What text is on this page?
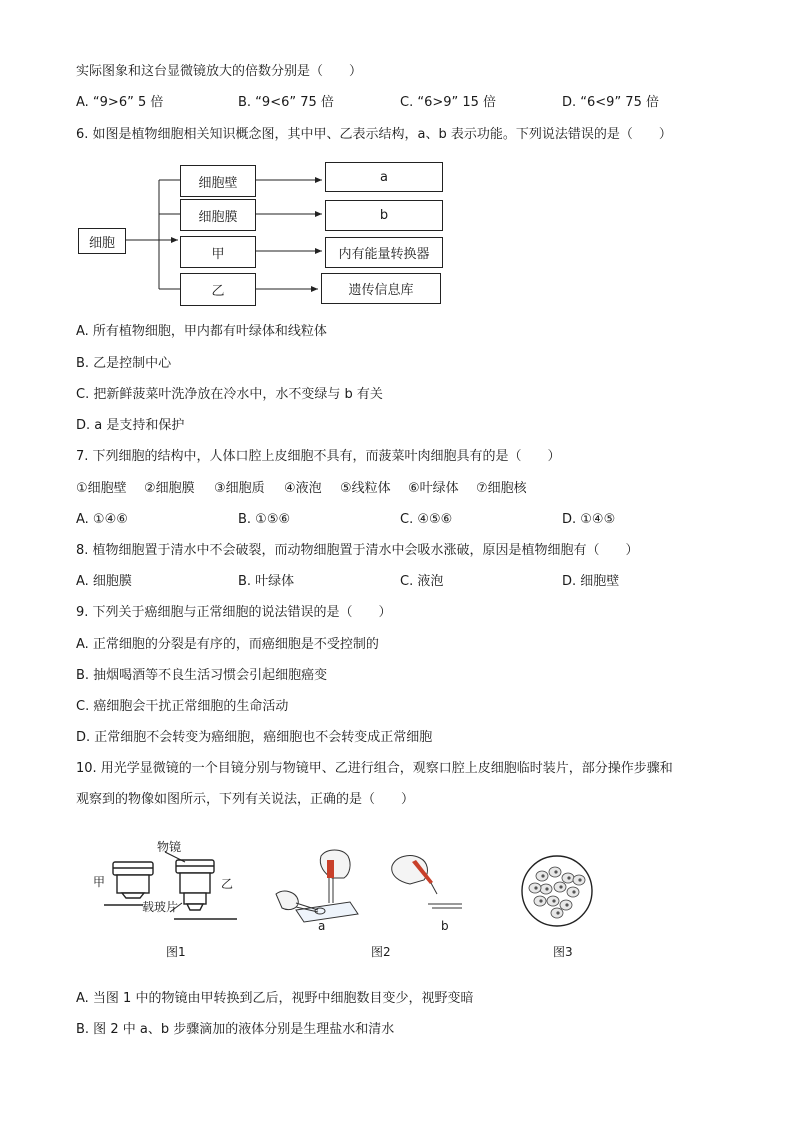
实际图象和这台显微镜放大的倍数分别是（　　）
A. “9>6” 5 倍	B. “9<6” 75 倍	C. “6>9” 15 倍	D. “6<9” 75 倍
6. 如图是植物细胞相关知识概念图，其中甲、乙表示结构，a、b 表示功能。下列说法错误的是（　　）
细胞
细胞壁
细胞膜
甲
乙
a
b
内有能量转换器
遗传信息库
A. 所有植物细胞，甲内都有叶绿体和线粒体
B. 乙是控制中心
C. 把新鲜菠菜叶洗净放在冷水中，水不变绿与 b 有关
D. a 是支持和保护
7. 下列细胞的结构中，人体口腔上皮细胞不具有，而菠菜叶肉细胞具有的是（　　）
①细胞壁 ②细胞膜 ③细胞质 ④液泡 ⑤线粒体 ⑥叶绿体 ⑦细胞核
A. ①④⑥	B. ①⑤⑥	C. ④⑤⑥	D. ①④⑤
8. 植物细胞置于清水中不会破裂，而动物细胞置于清水中会吸水涨破，原因是植物细胞有（　　）
A. 细胞膜	B. 叶绿体	C. 液泡	D. 细胞壁
9. 下列关于癌细胞与正常细胞的说法错误的是（　　）
A. 正常细胞的分裂是有序的，而癌细胞是不受控制的
B. 抽烟喝酒等不良生活习惯会引起细胞癌变
C. 癌细胞会干扰正常细胞的生命活动
D. 正常细胞不会转变为癌细胞，癌细胞也不会转变成正常细胞
10. 用光学显微镜的一个目镜分别与物镜甲、乙进行组合，观察口腔上皮细胞临时装片，部分操作步骤和
观察到的物像如图所示，下列有关说法，正确的是（　　）
物镜
甲	乙
载玻片
a	b
图1	图2	图3
A. 当图 1 中的物镜由甲转换到乙后，视野中细胞数目变少，视野变暗
B. 图 2 中 a、b 步骤滴加的液体分别是生理盐水和清水
